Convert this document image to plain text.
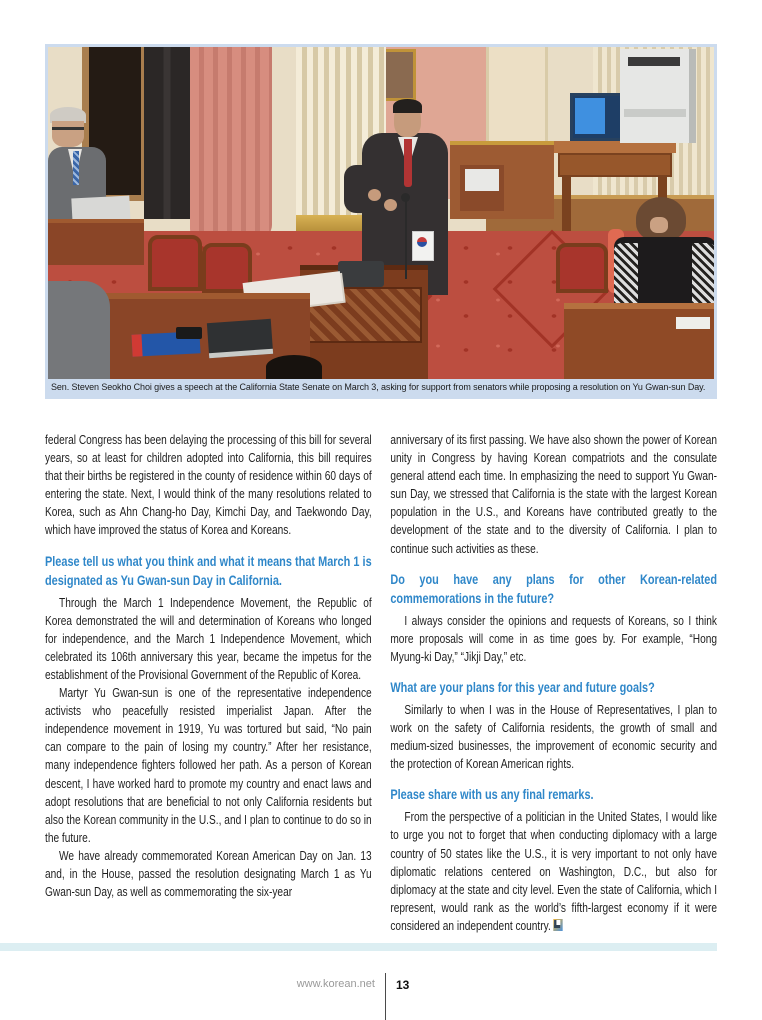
Sen. Steven Seokho Choi gives a speech at the California State Senate on March 3, asking for support from senators while proposing a resolution on Yu Gwan-sun Day.

federal Congress has been delaying the processing of this bill for several years, so at least for children adopted into California, this bill requires that their births be registered in the county of residence within 60 days of entering the state. Next, I would think of the many resolutions related to Korea, such as Ahn Chang-ho Day, Kimchi Day, and Taekwondo Day, which have improved the status of Korea and Koreans.

Please tell us what you think and what it means that March 1 is designated as Yu Gwan-sun Day in California.

Through the March 1 Independence Movement, the Republic of Korea demonstrated the will and determination of Koreans who longed for independence, and the March 1 Independence Movement, which celebrated its 106th anniversary this year, became the impetus for the establishment of the Provisional Government of the Republic of Korea.

Martyr Yu Gwan-sun is one of the representative independence activists who peacefully resisted imperialist Japan. After the independence movement in 1919, Yu was tortured but said, “No pain can compare to the pain of losing my country.” After her resistance, many independence fighters followed her path. As a person of Korean descent, I have worked hard to promote my country and enact laws and adopt resolutions that are beneficial to not only California residents but also the Korean community in the U.S., and I plan to continue to do so in the future.

We have already commemorated Korean American Day on Jan. 13 and, in the House, passed the resolution designating March 1 as Yu Gwan-sun Day, as well as commemorating the six-year

anniversary of its first passing. We have also shown the power of Korean unity in Congress by having Korean compatriots and the consulate general attend each time. In emphasizing the need to support Yu Gwan-sun Day, we stressed that California is the state with the largest Korean population in the U.S., and Koreans have contributed greatly to the development of the state and to the diversity of California. I plan to continue such activities as these.

Do you have any plans for other Korean-related commemorations in the future?

I always consider the opinions and requests of Koreans, so I think more proposals will come in as time goes by. For example, “Hong Myung-ki Day,” “Jikji Day,” etc.

What are your plans for this year and future goals?

Similarly to when I was in the House of Representatives, I plan to work on the safety of California residents, the growth of small and medium-sized businesses, the improvement of economic security and the protection of Korean American rights.

Please share with us any final remarks.

From the perspective of a politician in the United States, I would like to urge you not to forget that when conducting diplomacy with a large country of 50 states like the U.S., it is very important to not only have diplomatic relations centered on Washington, D.C., but also for diplomacy at the state and city level. Even the state of California, which I represent, would rank as the world’s fifth-largest economy if it were considered an independent country.

www.korean.net 13
